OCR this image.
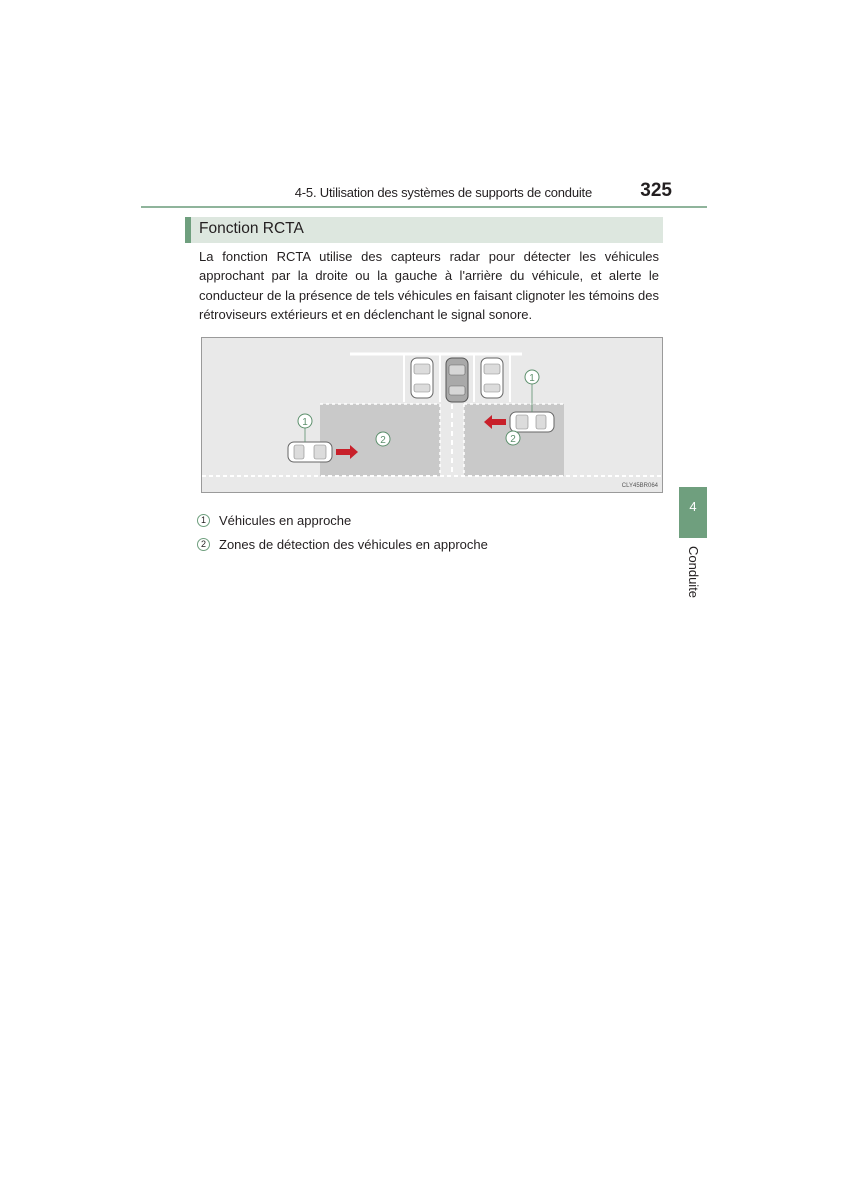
4-5. Utilisation des systèmes de supports de conduite	325
Fonction RCTA

La fonction RCTA utilise des capteurs radar pour détecter les véhicules approchant par la droite ou la gauche à l'arrière du véhicule, et alerte le conducteur de la présence de tels véhicules en faisant clignoter les témoins des rétroviseurs extérieurs et en déclenchant le signal sonore.

1
2
1
2
CLY45BR064
1	Véhicules en approche
2	Zones de détection des véhicules en approche
4
Conduite
